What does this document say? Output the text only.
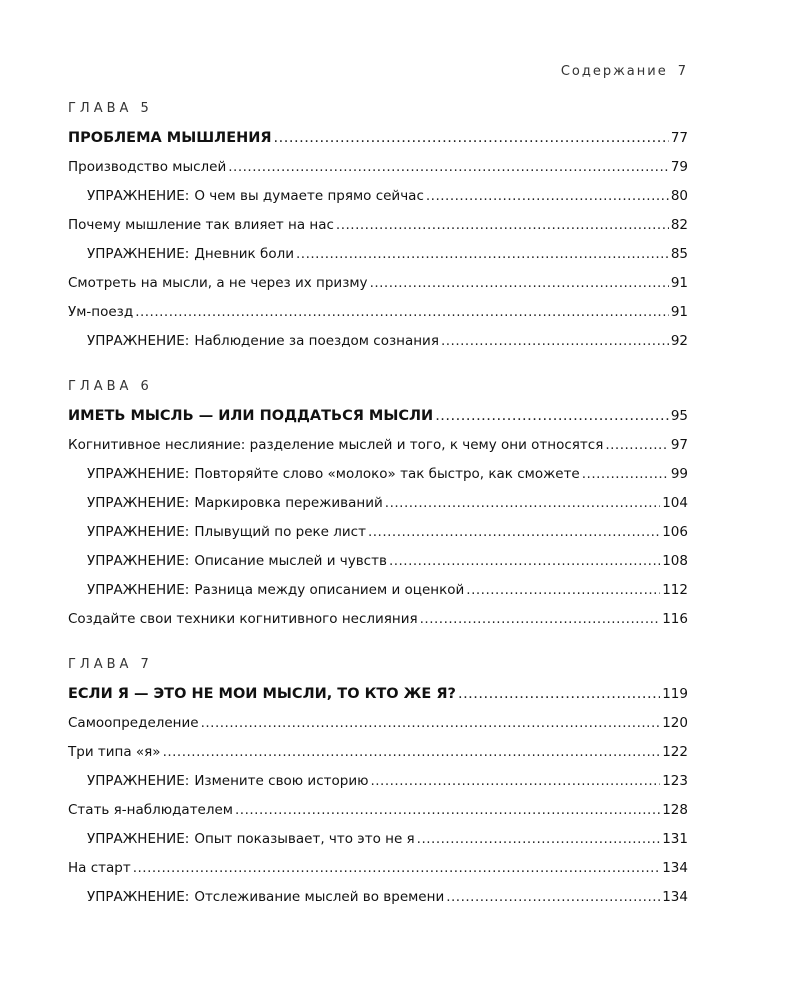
Содержание 7
ГЛАВА 5
ПРОБЛЕМА МЫШЛЕНИЯ .....	77
Производство мыслей .....	79
УПРАЖНЕНИЕ: О чем вы думаете прямо сейчас .....	80
Почему мышление так влияет на нас .....	82
УПРАЖНЕНИЕ: Дневник боли .....	85
Смотреть на мысли, а не через их призму .....	91
Ум-поезд .....	91
УПРАЖНЕНИЕ: Наблюдение за поездом сознания .....	92
ГЛАВА 6
ИМЕТЬ МЫСЛЬ — ИЛИ ПОДДАТЬСЯ МЫСЛИ .....	95
Когнитивное неслияние: разделение мыслей и того, к чему они относятся .....	97
УПРАЖНЕНИЕ: Повторяйте слово «молоко» так быстро, как сможете .....	99
УПРАЖНЕНИЕ: Маркировка переживаний .....	104
УПРАЖНЕНИЕ: Плывущий по реке лист .....	106
УПРАЖНЕНИЕ: Описание мыслей и чувств .....	108
УПРАЖНЕНИЕ: Разница между описанием и оценкой .....	112
Создайте свои техники когнитивного неслияния .....	116
ГЛАВА 7
ЕСЛИ Я — ЭТО НЕ МОИ МЫСЛИ, ТО КТО ЖЕ Я? .....	119
Самоопределение .....	120
Три типа «я» .....	122
УПРАЖНЕНИЕ: Измените свою историю .....	123
Стать я-наблюдателем .....	128
УПРАЖНЕНИЕ: Опыт показывает, что это не я .....	131
На старт .....	134
УПРАЖНЕНИЕ: Отслеживание мыслей во времени .....	134
